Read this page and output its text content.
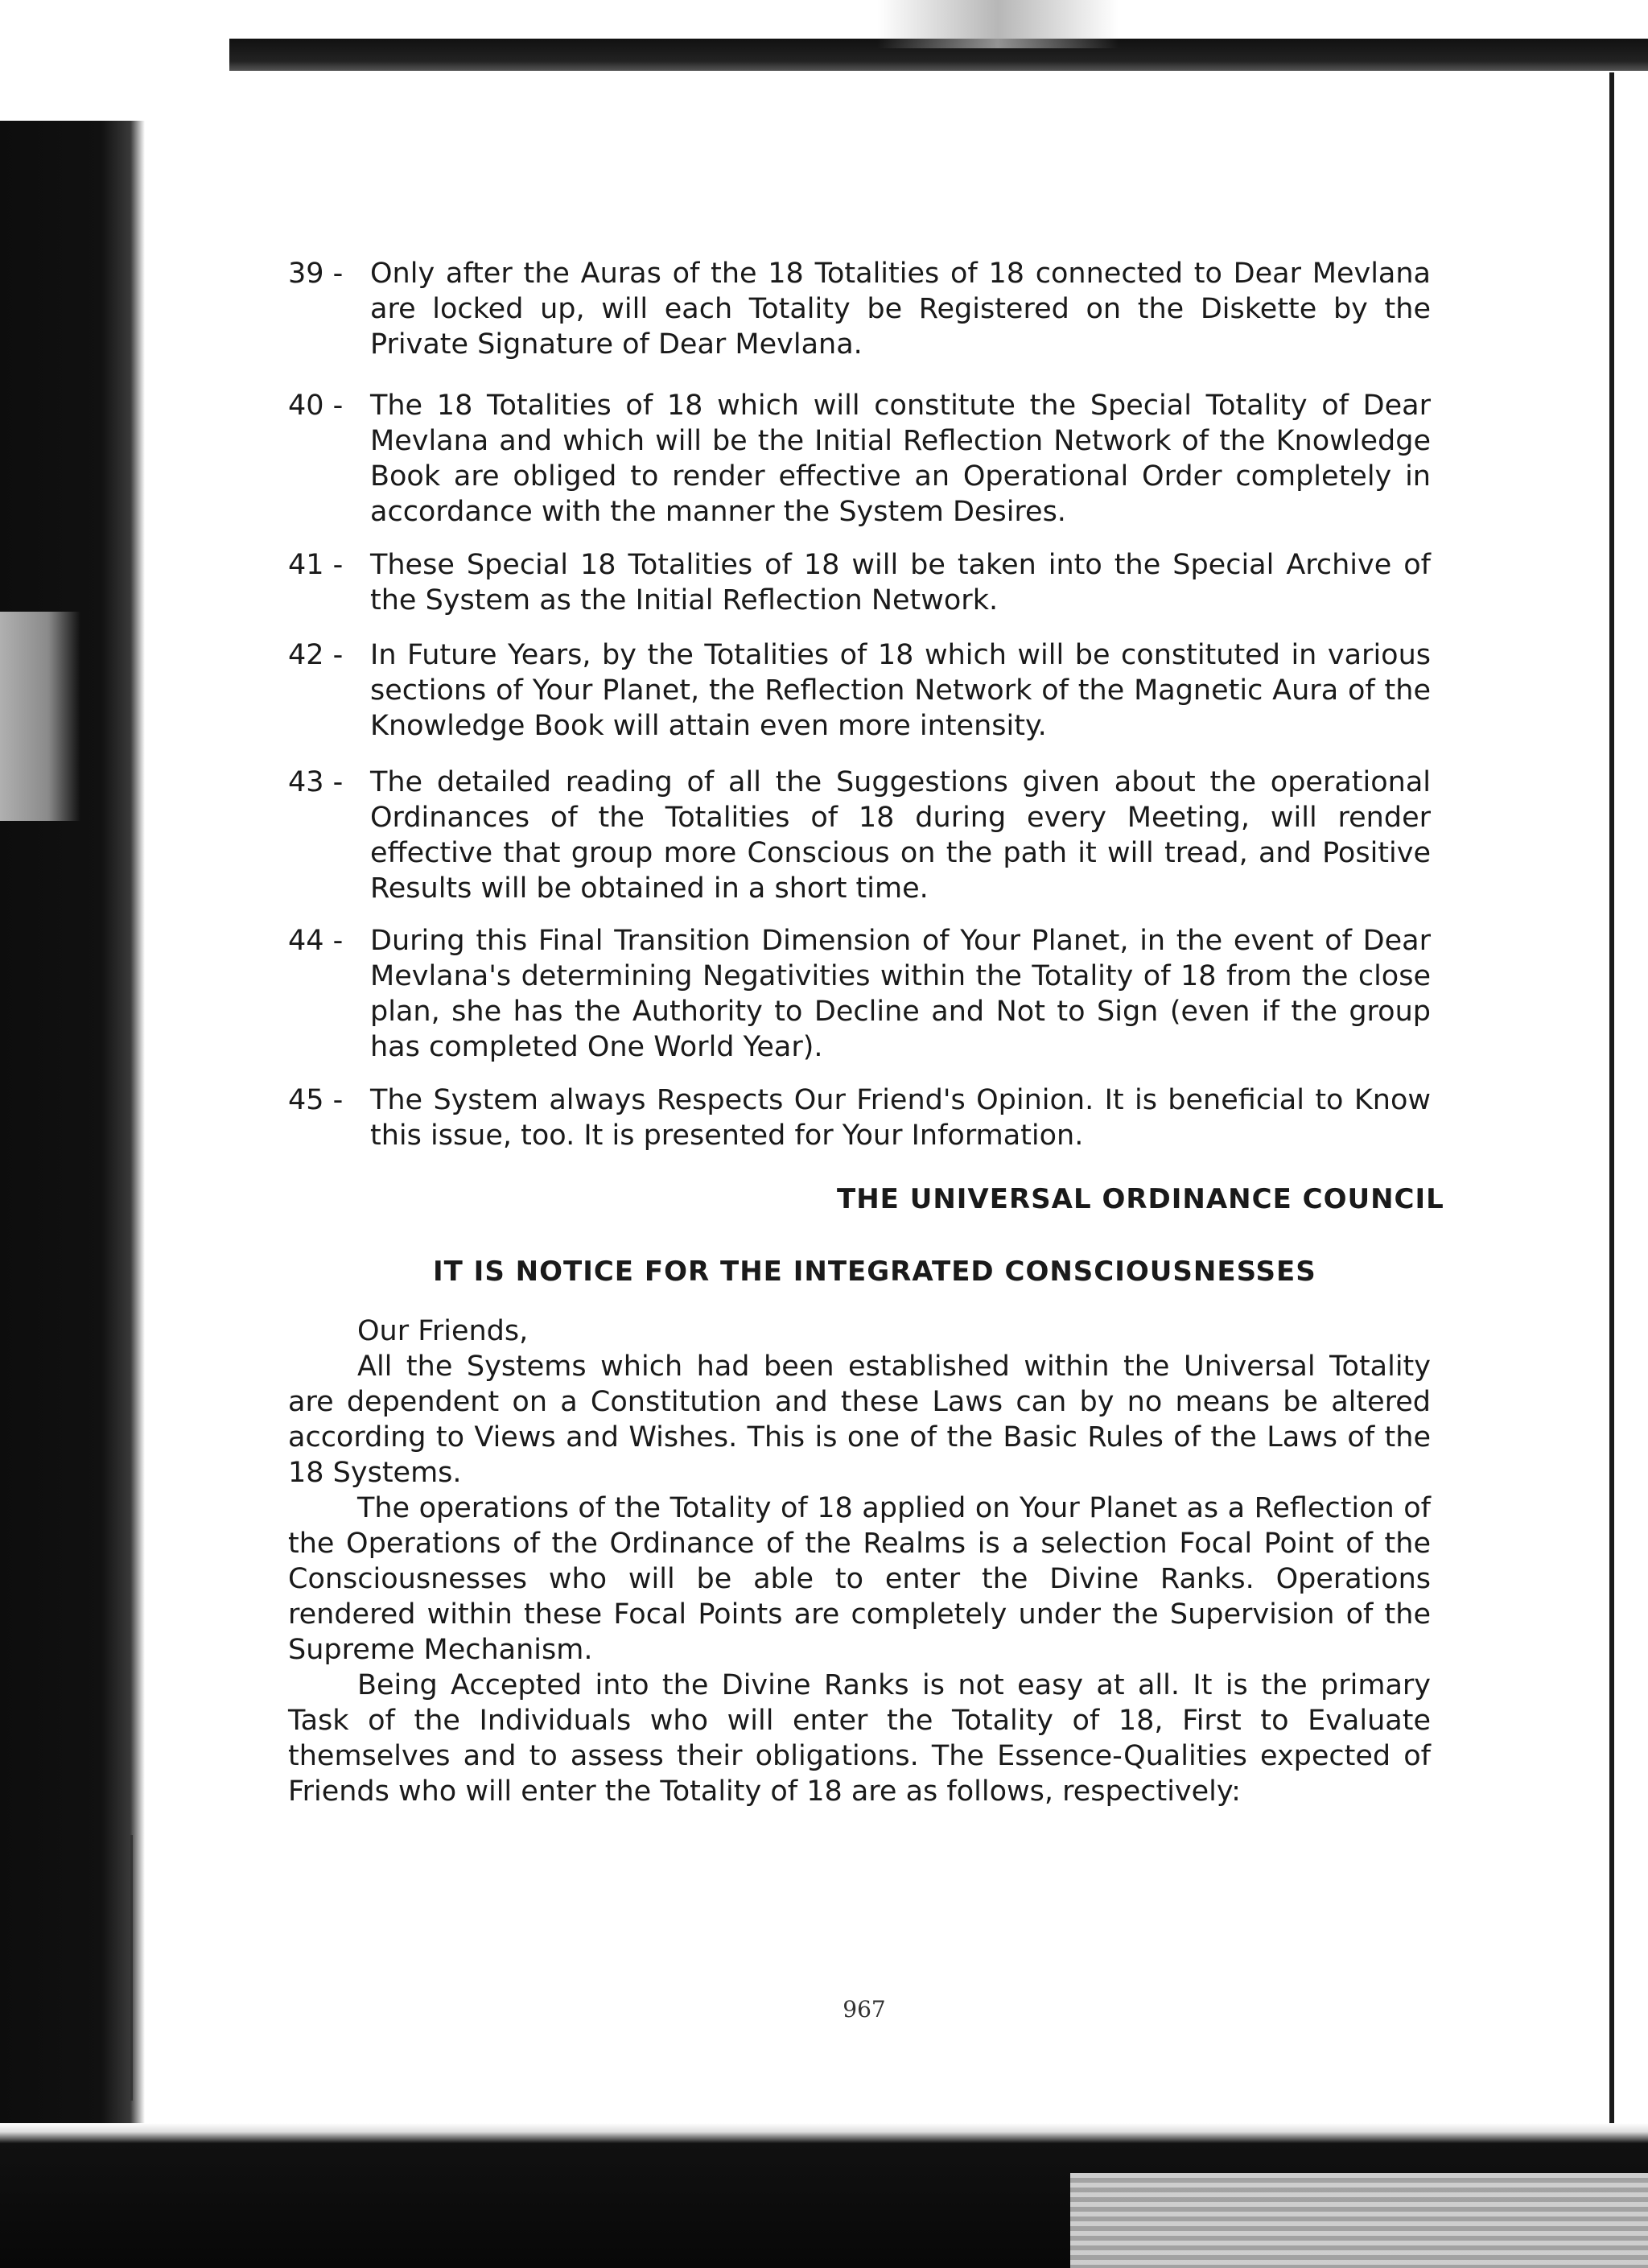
39 - Only after the Auras of the 18 Totalities of 18 connected to Dear Mevlana are locked up, will each Totality be Registered on the Diskette by the Private Signature of Dear Mevlana.
40 - The 18 Totalities of 18 which will constitute the Special Totality of Dear Mevlana and which will be the Initial Reflection Network of the Knowledge Book are obliged to render effective an Operational Order completely in accordance with the manner the System Desires.
41 - These Special 18 Totalities of 18 will be taken into the Special Archive of the System as the Initial Reflection Network.
42 - In Future Years, by the Totalities of 18 which will be constituted in various sections of Your Planet, the Reflection Network of the Magnetic Aura of the Knowledge Book will attain even more intensity.
43 - The detailed reading of all the Suggestions given about the operational Ordinances of the Totalities of 18 during every Meeting, will render effective that group more Conscious on the path it will tread, and Positive Results will be obtained in a short time.
44 - During this Final Transition Dimension of Your Planet, in the event of Dear Mevlana's determining Negativities within the Totality of 18 from the close plan, she has the Authority to Decline and Not to Sign (even if the group has completed One World Year).
45 - The System always Respects Our Friend's Opinion. It is beneficial to Know this issue, too. It is presented for Your Information.
THE UNIVERSAL ORDINANCE COUNCIL
IT IS NOTICE FOR THE INTEGRATED CONSCIOUSNESSES
Our Friends,
All the Systems which had been established within the Universal Totality are dependent on a Constitution and these Laws can by no means be altered according to Views and Wishes. This is one of the Basic Rules of the Laws of the 18 Systems.
The operations of the Totality of 18 applied on Your Planet as a Reflection of the Operations of the Ordinance of the Realms is a selection Focal Point of the Consciousnesses who will be able to enter the Divine Ranks. Operations rendered within these Focal Points are completely under the Supervision of the Supreme Mechanism.
Being Accepted into the Divine Ranks is not easy at all. It is the primary Task of the Individuals who will enter the Totality of 18, First to Evaluate themselves and to assess their obligations. The Essence-Qualities expected of Friends who will enter the Totality of 18 are as follows, respectively:
967
